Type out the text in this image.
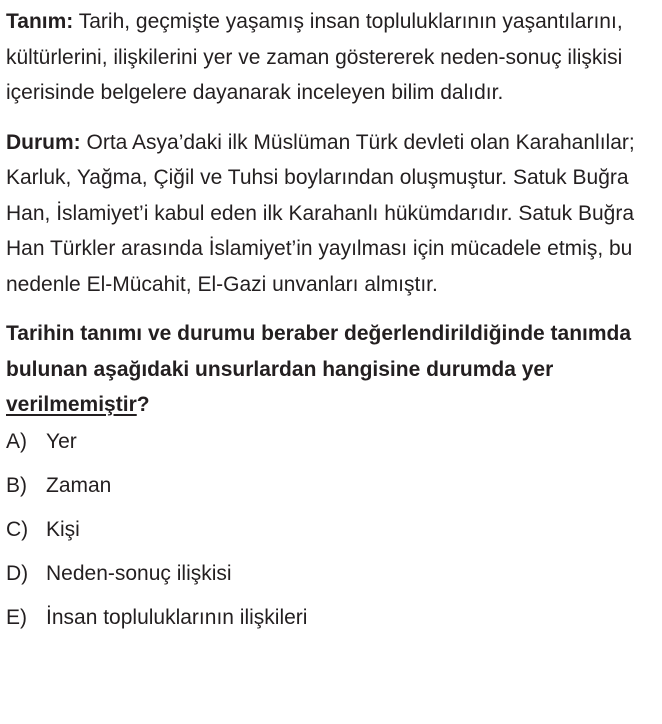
Tanım: Tarih, geçmişte yaşamış insan topluluklarının yaşantılarını, kültürlerini, ilişkilerini yer ve zaman göstererek neden-sonuç ilişkisi içerisinde belgelere dayanarak inceleyen bilim dalıdır.

Durum: Orta Asya’daki ilk Müslüman Türk devleti olan Karahanlılar; Karluk, Yağma, Çiğil ve Tuhsi boylarından oluşmuştur. Satuk Buğra Han, İslamiyet’i kabul eden ilk Karahanlı hükümdarıdır. Satuk Buğra Han Türkler arasında İslamiyet’in yayılması için mücadele etmiş, bu nedenle El-Mücahit, El-Gazi unvanları almıştır.

Tarihin tanımı ve durumu beraber değerlendirildiğinde tanımda bulunan aşağıdaki unsurlardan hangisine durumda yer verilmemiştir?

A) Yer
B) Zaman
C) Kişi
D) Neden-sonuç ilişkisi
E) İnsan topluluklarının ilişkileri
